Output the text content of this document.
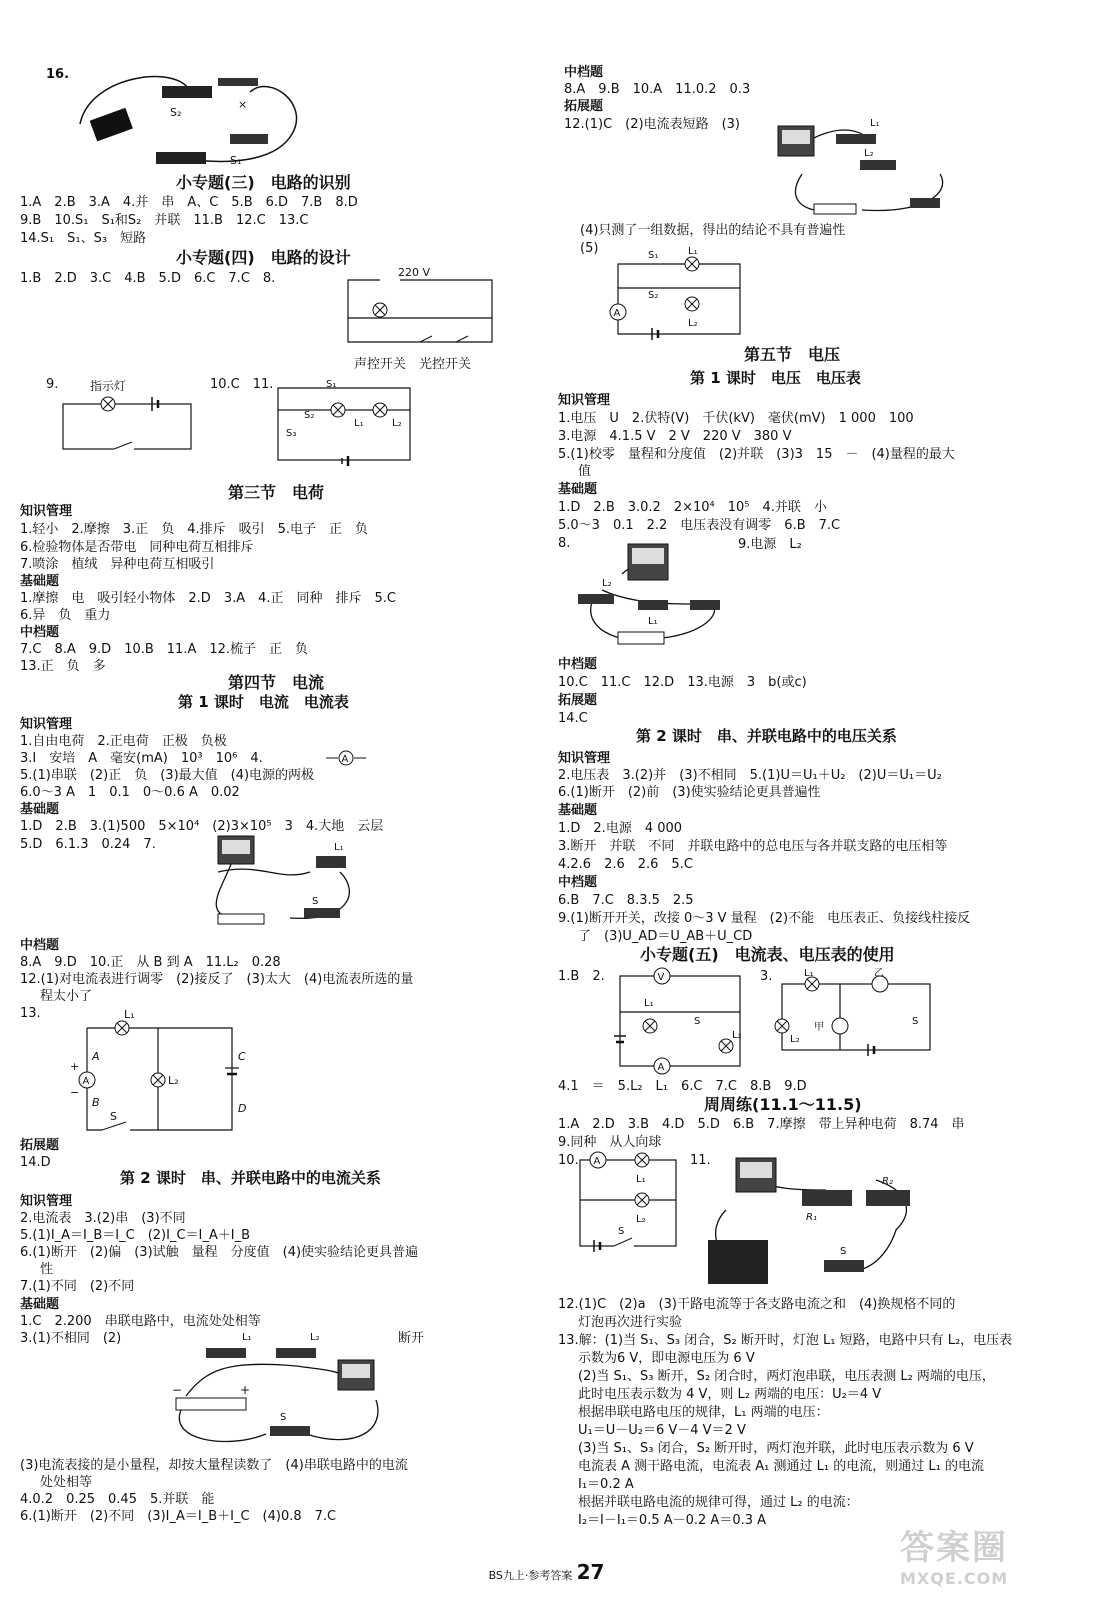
16.
S₂
S₁
×
小专题(三)　电路的识别
1.A　2.B　3.A　4.并　串　A、C　5.B　6.D　7.B　8.D
9.B　10.S₁　S₁和S₂　并联　11.B　12.C　13.C
14.S₁　S₁、S₃　短路
小专题(四)　电路的设计
1.B　2.D　3.C　4.B　5.D　6.C　7.C　8.	220 V
声控开关　光控开关
9.	指示灯	10.C　11.	S₁
S₂
S₃
L₁	L₂
第三节　电荷
知识管理
1.轻小　2.摩擦　3.正　负　4.排斥　吸引　5.电子　正　负
6.检验物体是否带电　同种电荷互相排斥
7.喷涂　植绒　异种电荷互相吸引
基础题
1.摩擦　电　吸引轻小物体　2.D　3.A　4.正　同种　排斥　5.C
6.异　负　重力
中档题
7.C　8.A　9.D　10.B　11.A　12.梳子　正　负
13.正　负　多
第四节　电流
第 1 课时　电流　电流表
知识管理
1.自由电荷　2.正电荷　正极　负极
3.I　安培　A　毫安(mA)　10³　10⁶　4.	A
5.(1)串联　(2)正　负　(3)最大值　(4)电源的两极
6.0～3 A　1　0.1　0～0.6 A　0.02
基础题
1.D　2.B　3.(1)500　5×10⁴　(2)3×10⁵　3　4.大地　云层
5.D　6.1.3　0.24　7.	L₁
S
中档题
8.A　9.D　10.正　从 B 到 A　11.L₂　0.28
12.(1)对电流表进行调零　(2)接反了　(3)太大　(4)电流表所选的量
程太小了
13.
A
L₁
L₂
A
B
C
D
+
−
S
拓展题
14.D
第 2 课时　串、并联电路中的电流关系
知识管理
2.电流表　3.(2)串　(3)不同
5.(1)I_A＝I_B＝I_C　(2)I_C＝I_A＋I_B
6.(1)断开　(2)偏　(3)试触　量程　分度值　(4)使实验结论更具普遍
性
7.(1)不同　(2)不同
基础题
1.C　2.200　串联电路中，电流处处相等
3.(1)不相同　(2)	断开
L₁	L₂
S
−	+
(3)电流表接的是小量程，却按大量程读数了　(4)串联电路中的电流
处处相等
4.0.2　0.25　0.45　5.并联　能
6.(1)断开　(2)不同　(3)I_A＝I_B＋I_C　(4)0.8　7.C
中档题
8.A　9.B　10.A　11.0.2　0.3
拓展题
12.(1)C　(2)电流表短路　(3)	L₁
L₂
(4)只测了一组数据，得出的结论不具有普遍性
(5)
A
S₁
S₂
L₁
L₂
第五节　电压
第 1 课时　电压　电压表
知识管理
1.电压　U　2.伏特(V)　千伏(kV)　毫伏(mV)　1 000　100
3.电源　4.1.5 V　2 V　220 V　380 V
5.(1)校零　量程和分度值　(2)并联　(3)3　15　－　(4)量程的最大
值
基础题
1.D　2.B　3.0.2　2×10⁴　10⁵　4.并联　小
5.0～3　0.1　2.2　电压表没有调零　6.B　7.C
8.	9.电源　L₂
L₂
L₁
中档题
10.C　11.C　12.D　13.电源　3　b(或c)
拓展题
14.C
第 2 课时　串、并联电路中的电压关系
知识管理
2.电压表　3.(2)并　(3)不相同　5.(1)U＝U₁＋U₂　(2)U＝U₁＝U₂
6.(1)断开　(2)前　(3)使实验结论更具普遍性
基础题
1.D　2.电源　4 000
3.断开　并联　不同　并联电路中的总电压与各并联支路的电压相等
4.2.6　2.6　2.6　5.C
中档题
6.B　7.C　8.3.5　2.5
9.(1)断开开关，改接 0～3 V 量程　(2)不能　电压表正、负接线柱接反
了　(3)U_AD＝U_AB＋U_CD
小专题(五)　电流表、电压表的使用
1.B　2.	V
A
L₁
L₂
S
3.	L₁
L₂
甲
乙
S
4.1　＝　5.L₂　L₁　6.C　7.C　8.B　9.D
周周练(11.1～11.5)
1.A　2.D　3.B　4.D　5.D　6.B　7.摩擦　带上异种电荷　8.74　串
9.同种　从人向球
10. A
L₁
L₂
S
11.
R₁
R₂
S
12.(1)C　(2)a　(3)干路电流等于各支路电流之和　(4)换规格不同的
灯泡再次进行实验
13.解：(1)当 S₁、S₃ 闭合，S₂ 断开时，灯泡 L₁ 短路，电路中只有 L₂，电压表
示数为6 V，即电源电压为 6 V
(2)当 S₁、S₃ 断开，S₂ 闭合时，两灯泡串联，电压表测 L₂ 两端的电压，
此时电压表示数为 4 V，则 L₂ 两端的电压：U₂＝4 V
根据串联电路电压的规律，L₁ 两端的电压：
U₁＝U－U₂＝6 V－4 V＝2 V
(3)当 S₁、S₃ 闭合，S₂ 断开时，两灯泡并联，此时电压表示数为 6 V
电流表 A 测干路电流，电流表 A₁ 测通过 L₁ 的电流，则通过 L₁ 的电流
I₁＝0.2 A
根据并联电路电流的规律可得，通过 L₂ 的电流：
I₂＝I－I₁＝0.5 A－0.2 A＝0.3 A
BS九上·参考答案 27
答案圈
MXQE.COM
